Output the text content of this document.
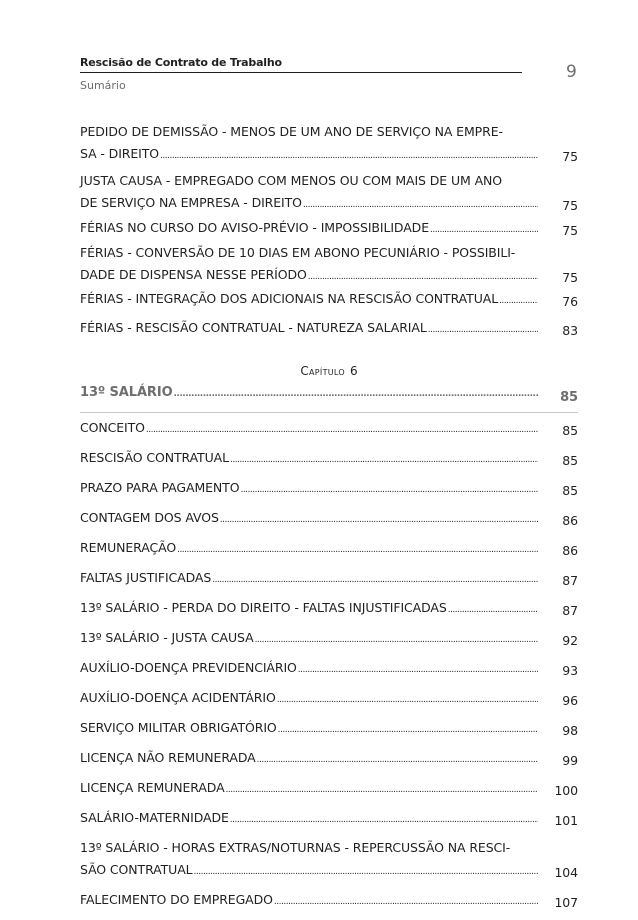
Rescisão de Contrato de Trabalho
Sumário
9
PEDIDO DE DEMISSÃO - MENOS DE UM ANO DE SERVIÇO NA EMPRE-
SA - DIREITO .....	75
JUSTA CAUSA - EMPREGADO COM MENOS OU COM MAIS DE UM ANO
DE SERVIÇO NA EMPRESA - DIREITO .....	75
FÉRIAS NO CURSO DO AVISO-PRÉVIO - IMPOSSIBILIDADE .....	75
FÉRIAS - CONVERSÃO DE 10 DIAS EM ABONO PECUNIÁRIO - POSSIBILI-
DADE DE DISPENSA NESSE PERÍODO .....	75
FÉRIAS - INTEGRAÇÃO DOS ADICIONAIS NA RESCISÃO CONTRATUAL .....	76
FÉRIAS - RESCISÃO CONTRATUAL - NATUREZA SALARIAL .....	83
Capítulo 6
13º SALÁRIO .....	85
CONCEITO .....	85
RESCISÃO CONTRATUAL .....	85
PRAZO PARA PAGAMENTO .....	85
CONTAGEM DOS AVOS .....	86
REMUNERAÇÃO .....	86
FALTAS JUSTIFICADAS .....	87
13º SALÁRIO - PERDA DO DIREITO - FALTAS INJUSTIFICADAS .....	87
13º SALÁRIO - JUSTA CAUSA .....	92
AUXÍLIO-DOENÇA PREVIDENCIÁRIO .....	93
AUXÍLIO-DOENÇA ACIDENTÁRIO .....	96
SERVIÇO MILITAR OBRIGATÓRIO .....	98
LICENÇA NÃO REMUNERADA .....	99
LICENÇA REMUNERADA .....	100
SALÁRIO-MATERNIDADE .....	101
13º SALÁRIO - HORAS EXTRAS/NOTURNAS - REPERCUSSÃO NA RESCI-
SÃO CONTRATUAL .....	104
FALECIMENTO DO EMPREGADO .....	107
